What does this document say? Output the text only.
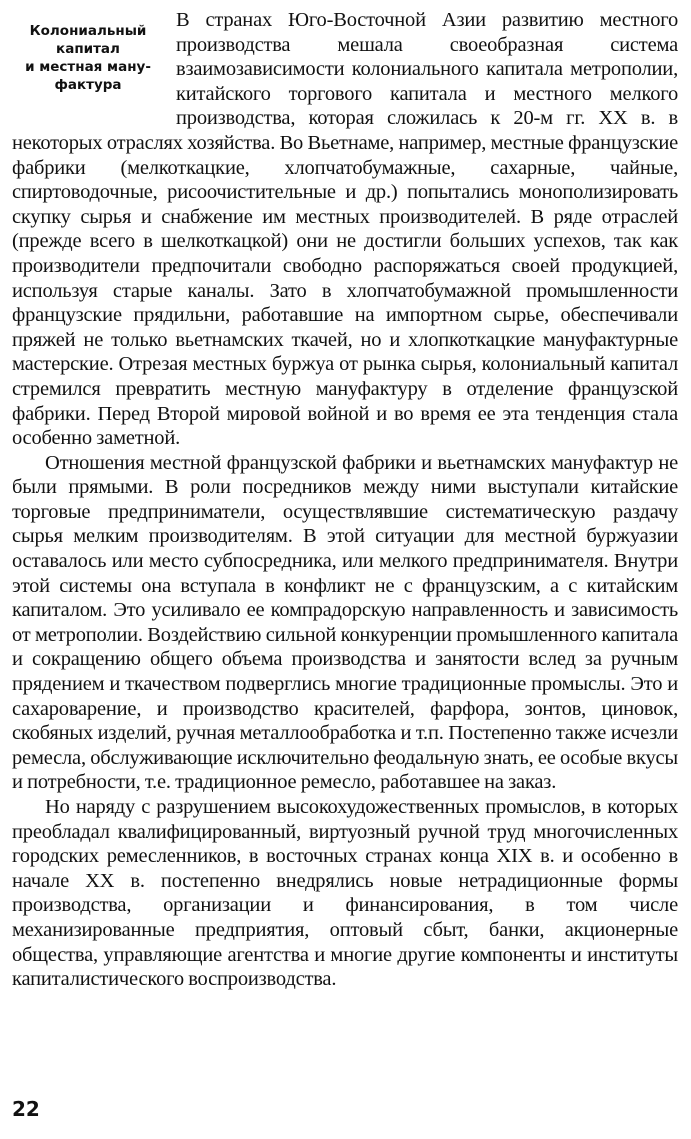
Колониальный
капитал
и местная ману-
фактура

В странах Юго-Восточной Азии развитию местного производства мешала своеобразная система взаимозависимости колониального капитала метрополии, китайского торгового капитала и местного мелкого производства, которая сложилась к 20-м гг. XX в. в некоторых отраслях хозяйства. Во Вьетнаме, например, местные французские фабрики (мелкоткацкие, хлопчатобумажные, сахарные, чайные, спиртоводочные, рисоочистительные и др.) попытались монополизировать скупку сырья и снабжение им местных производителей. В ряде отраслей (прежде всего в шелкоткацкой) они не достигли больших успехов, так как производители предпочитали свободно распоряжаться своей продукцией, используя старые каналы. Зато в хлопчатобумажной промышленности французские прядильни, работавшие на импортном сырье, обеспечивали пряжей не только вьетнамских ткачей, но и хлопкоткацкие мануфактурные мастерские. Отрезая местных буржуа от рынка сырья, колониальный капитал стремился превратить местную мануфактуру в отделение французской фабрики. Перед Второй мировой войной и во время ее эта тенденция стала особенно заметной.

Отношения местной французской фабрики и вьетнамских мануфактур не были прямыми. В роли посредников между ними выступали китайские торговые предприниматели, осуществлявшие систематическую раздачу сырья мелким производителям. В этой ситуации для местной буржуазии оставалось или место субпосредника, или мелкого предпринимателя. Внутри этой системы она вступала в конфликт не с французским, а с китайским капиталом. Это усиливало ее компрадорскую направленность и зависимость от метрополии. Воздействию сильной конкуренции промышленного капитала и сокращению общего объема производства и занятости вслед за ручным прядением и ткачеством подверглись многие традиционные промыслы. Это и сахароварение, и производство красителей, фарфора, зонтов, циновок, скобяных изделий, ручная металлообработка и т.п. Постепенно также исчезли ремесла, обслуживающие исключительно феодальную знать, ее особые вкусы и потребности, т.е. традиционное ремесло, работавшее на заказ.

Но наряду с разрушением высокохудожественных промыслов, в которых преобладал квалифицированный, виртуозный ручной труд многочисленных городских ремесленников, в восточных странах конца XIX в. и особенно в начале XX в. постепенно внедрялись новые нетрадиционные формы производства, организации и финансирования, в том числе механизированные предприятия, оптовый сбыт, банки, акционерные общества, управляющие агентства и многие другие компоненты и институты капиталистического воспроизводства.

22
